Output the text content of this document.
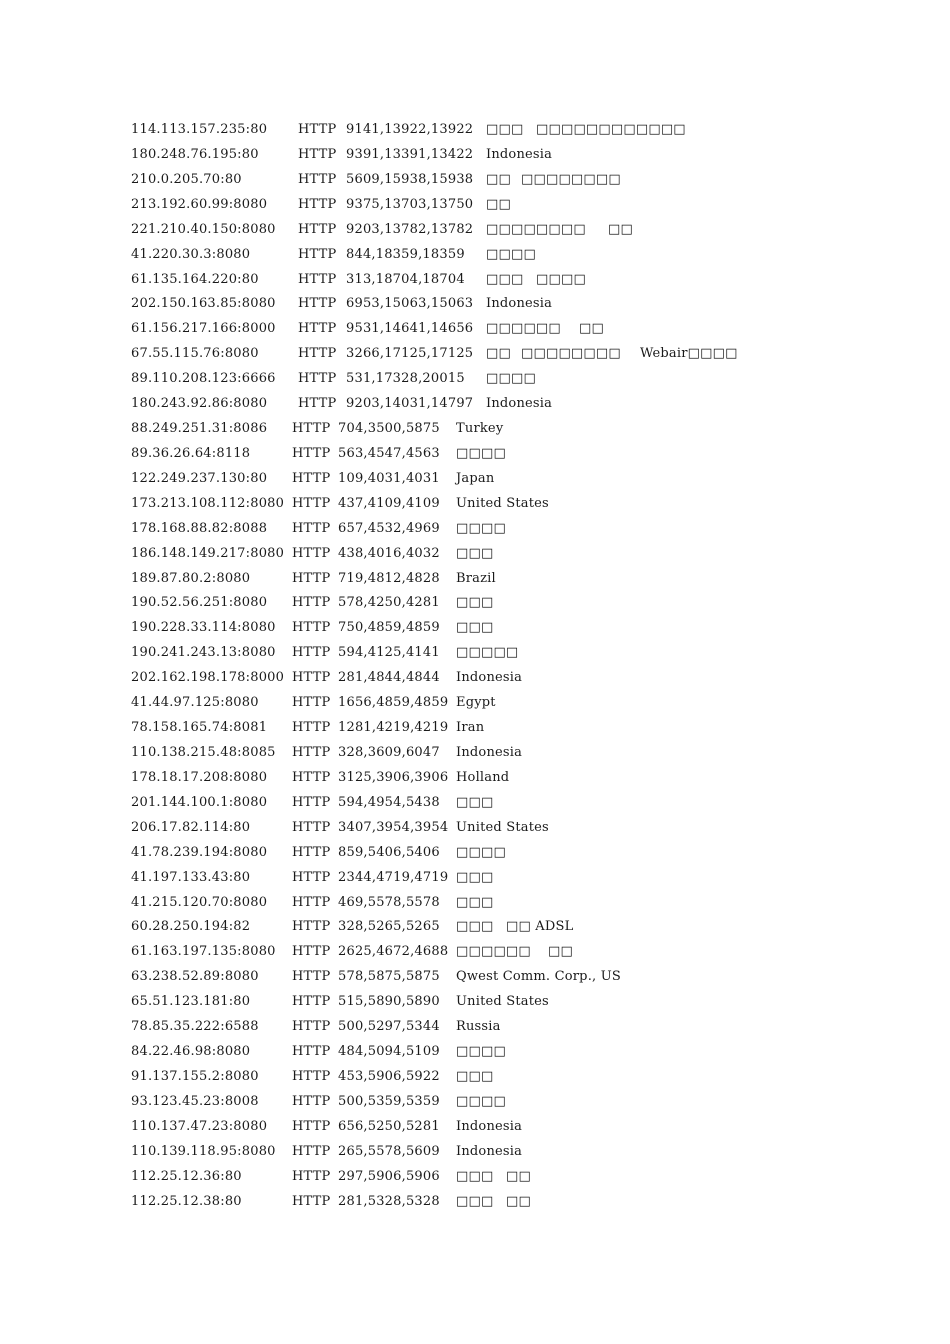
114.113.157.235:80 HTTP 9141,13922,13922 □□□ □□□□□□□□□□□□
180.248.76.195:80	HTTP 9391,13391,13422 Indonesia
210.0.205.70:80	HTTP 5609,15938,15938 □□ □□□□□□□□
213.192.60.99:8080 HTTP 9375,13703,13750 □□
221.210.40.150:8080 HTTP 9203,13782,13782 □□□□□□□□ □□
41.220.30.3:8080	HTTP 844,18359,18359 □□□□
61.135.164.220:80	HTTP 313,18704,18704 □□□ □□□□
202.150.163.85:8080 HTTP 6953,15063,15063 Indonesia
61.156.217.166:8000 HTTP 9531,14641,14656 □□□□□□ □□
67.55.115.76:8080	HTTP 3266,17125,17125 □□ □□□□□□□□ Webair□□□□
89.110.208.123:6666 HTTP 531,17328,20015 □□□□
180.243.92.86:8080 HTTP 9203,14031,14797 Indonesia
88.249.251.31:8086 HTTP 704,3500,5875 Turkey
89.36.26.64:8118	HTTP 563,4547,4563 □□□□
122.249.237.130:80 HTTP 109,4031,4031 Japan
173.213.108.112:8080 HTTP 437,4109,4109 United States
178.168.88.82:8088 HTTP 657,4532,4969 □□□□
186.148.149.217:8080 HTTP 438,4016,4032 □□□
189.87.80.2:8080	HTTP 719,4812,4828 Brazil
190.52.56.251:8080 HTTP 578,4250,4281 □□□
190.228.33.114:8080 HTTP 750,4859,4859 □□□
190.241.243.13:8080 HTTP 594,4125,4141 □□□□□
202.162.198.178:8000 HTTP 281,4844,4844 Indonesia
41.44.97.125:8080	HTTP 1656,4859,4859 Egypt
78.158.165.74:8081 HTTP 1281,4219,4219 Iran
110.138.215.48:8085 HTTP 328,3609,6047 Indonesia
178.18.17.208:8080 HTTP 3125,3906,3906 Holland
201.144.100.1:8080 HTTP 594,4954,5438 □□□
206.17.82.114:80	HTTP 3407,3954,3954 United States
41.78.239.194:8080 HTTP 859,5406,5406 □□□□
41.197.133.43:80	HTTP 2344,4719,4719 □□□
41.215.120.70:8080 HTTP 469,5578,5578 □□□
60.28.250.194:82	HTTP 328,5265,5265 □□□ □□ ADSL
61.163.197.135:8080 HTTP 2625,4672,4688 □□□□□□ □□
63.238.52.89:8080	HTTP 578,5875,5875 Qwest Comm. Corp., US
65.51.123.181:80	HTTP 515,5890,5890 United States
78.85.35.222:6588	HTTP 500,5297,5344 Russia
84.22.46.98:8080	HTTP 484,5094,5109 □□□□
91.137.155.2:8080	HTTP 453,5906,5922 □□□
93.123.45.23:8008	HTTP 500,5359,5359 □□□□
110.137.47.23:8080 HTTP 656,5250,5281 Indonesia
110.139.118.95:8080 HTTP 265,5578,5609 Indonesia
112.25.12.36:80	HTTP 297,5906,5906 □□□ □□
112.25.12.38:80	HTTP 281,5328,5328 □□□ □□
